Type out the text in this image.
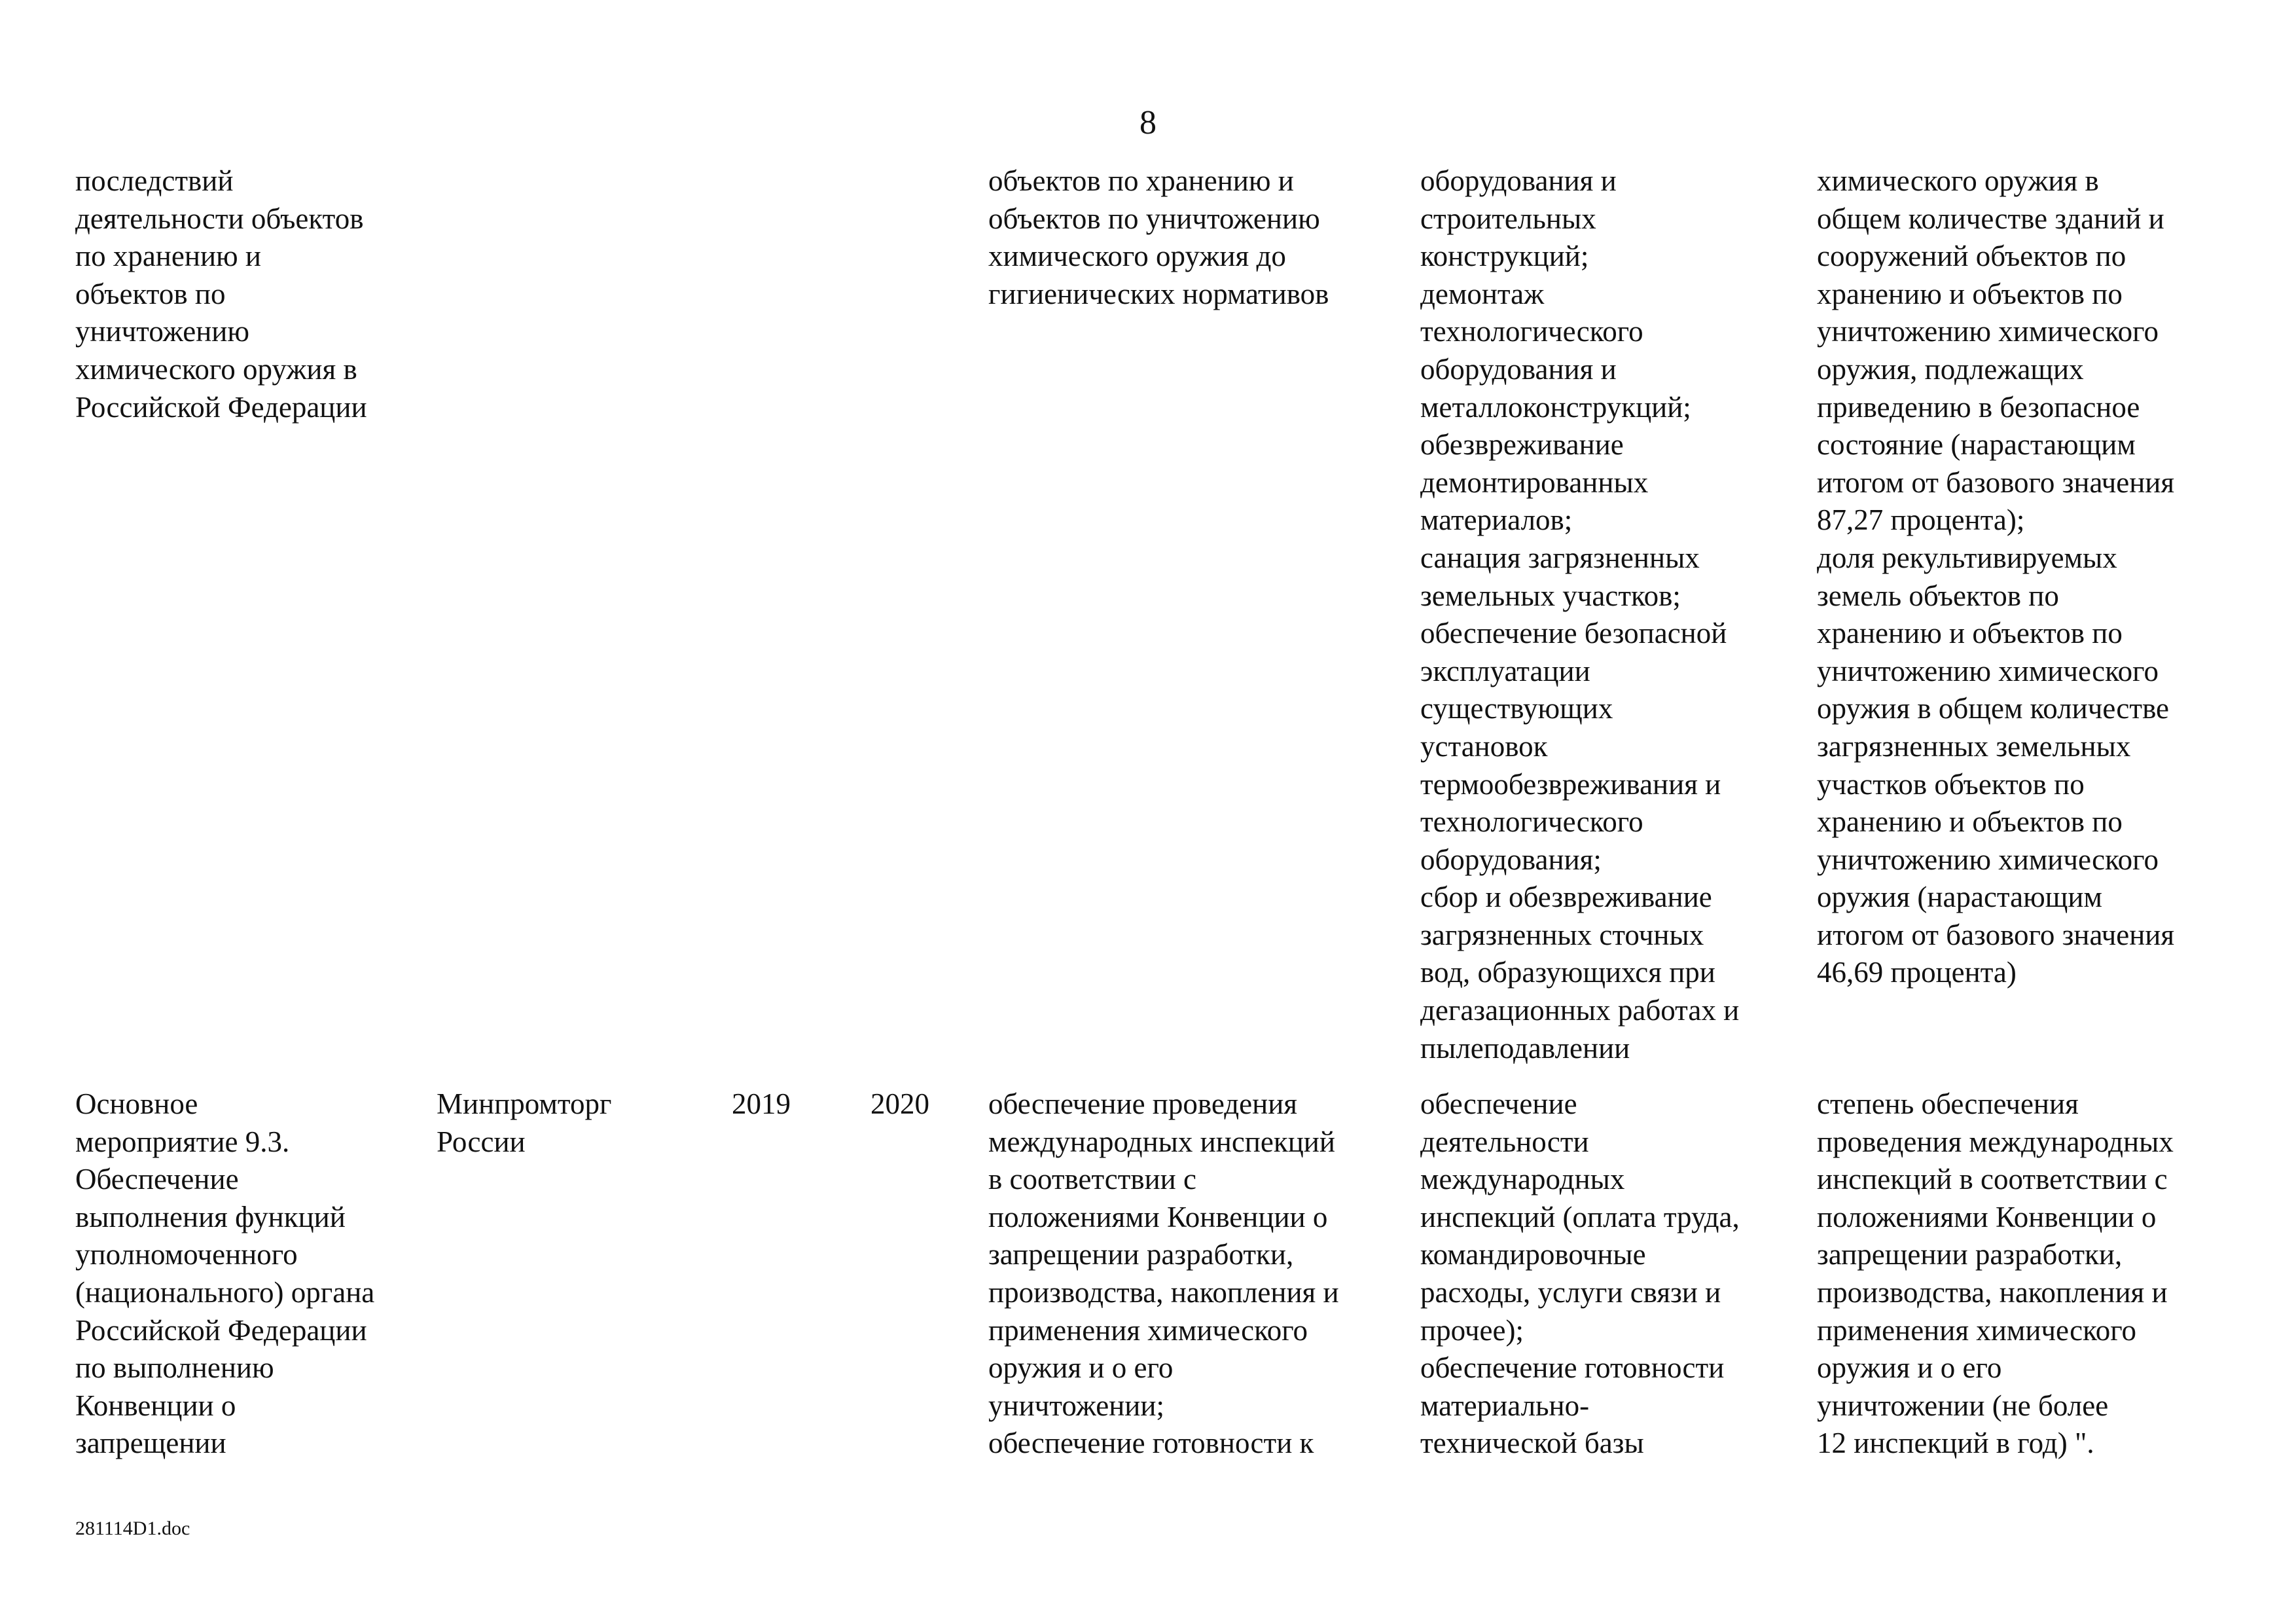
8
последствий
деятельности объектов
по хранению и
объектов по
уничтожению
химического оружия в
Российской Федерации
объектов по хранению и
объектов по уничтожению
химического оружия до
гигиенических нормативов
оборудования и
строительных
конструкций;
демонтаж
технологического
оборудования и
металлоконструкций;
обезвреживание
демонтированных
материалов;
санация загрязненных
земельных участков;
обеспечение безопасной
эксплуатации
существующих
установок
термообезвреживания и
технологического
оборудования;
сбор и обезвреживание
загрязненных сточных
вод, образующихся при
дегазационных работах и
пылеподавлении
химического оружия в
общем количестве зданий и
сооружений объектов по
хранению и объектов по
уничтожению химического
оружия, подлежащих
приведению в безопасное
состояние (нарастающим
итогом от базового значения
87,27 процента);
доля рекультивируемых
земель объектов по
хранению и объектов по
уничтожению химического
оружия в общем количестве
загрязненных земельных
участков объектов по
хранению и объектов по
уничтожению химического
оружия (нарастающим
итогом от базового значения
46,69 процента)
Основное
мероприятие 9.3.
Обеспечение
выполнения функций
уполномоченного
(национального) органа
Российской Федерации
по выполнению
Конвенции о
запрещении
Минпромторг
России
2019	2020	обеспечение проведения
международных инспекций
в соответствии с
положениями Конвенции о
запрещении разработки,
производства, накопления и
применения химического
оружия и о его
уничтожении;
обеспечение готовности к
обеспечение
деятельности
международных
инспекций (оплата труда,
командировочные
расходы, услуги связи и
прочее);
обеспечение готовности
материально-
технической базы
степень обеспечения
проведения международных
инспекций в соответствии с
положениями Конвенции о
запрещении разработки,
производства, накопления и
применения химического
оружия и о его
уничтожении (не более
12 инспекций в год) ".
281114D1.doc
